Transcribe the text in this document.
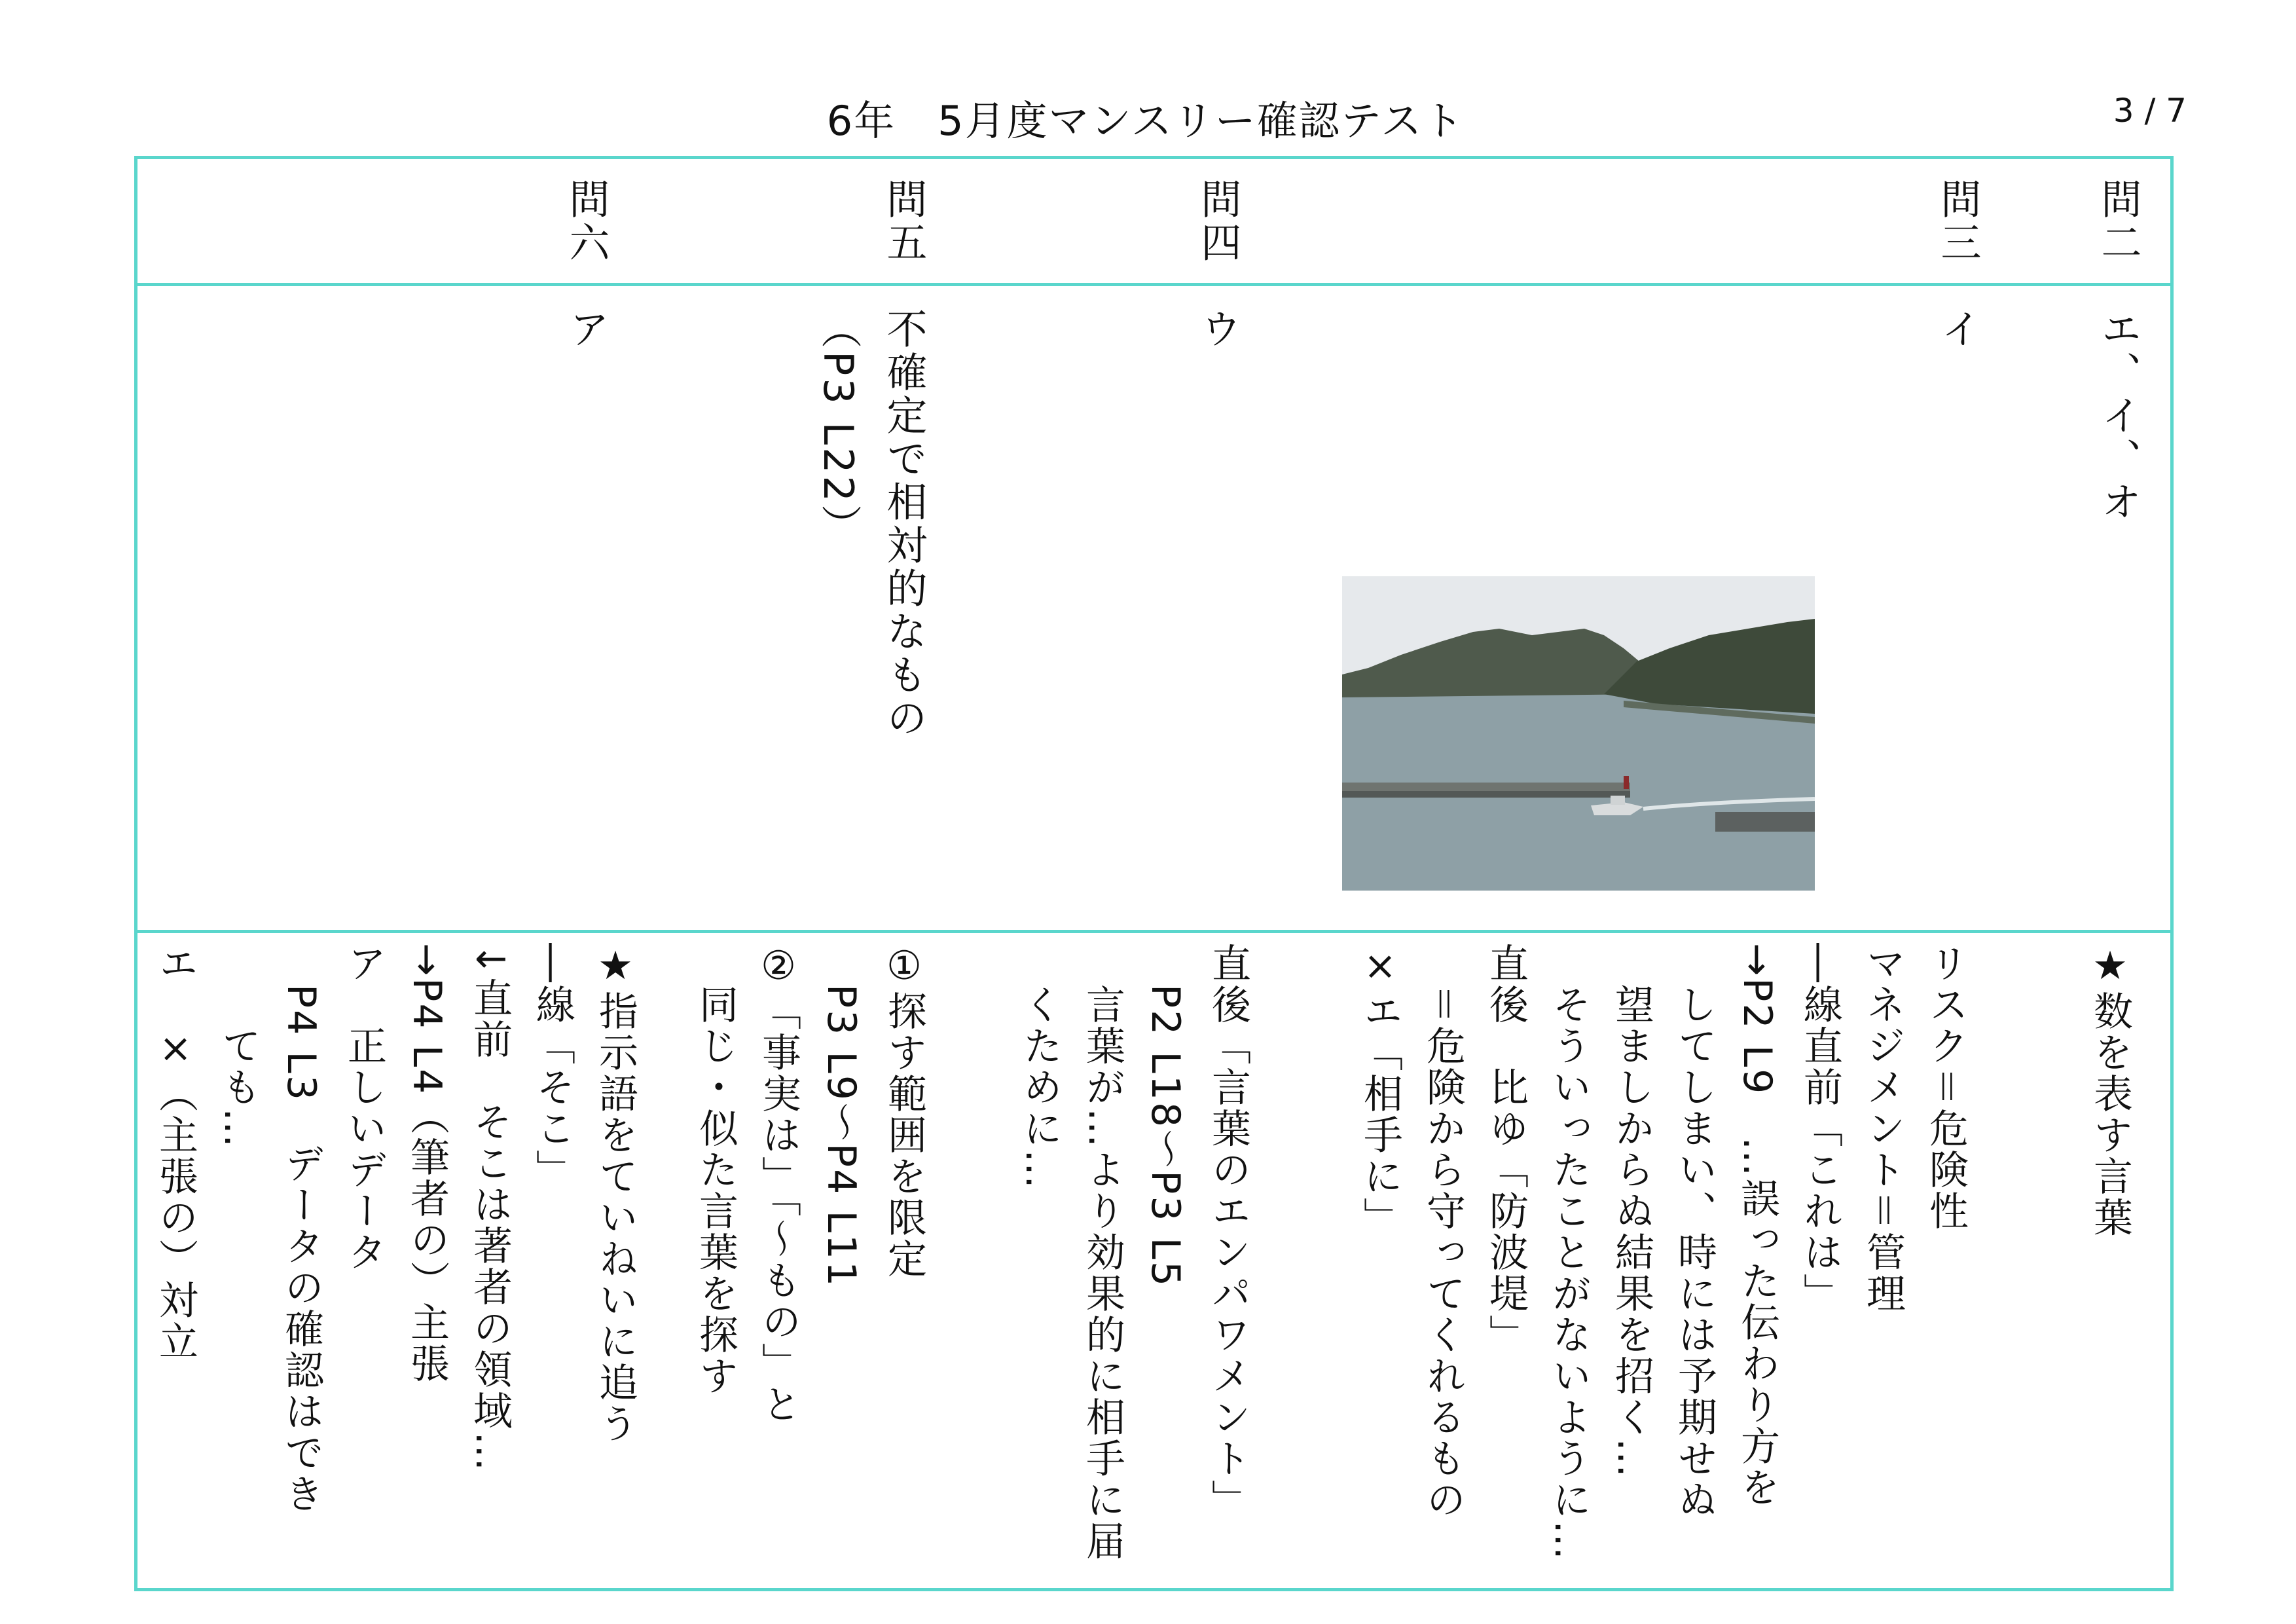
6年　5月度マンスリー確認テスト	3 / 7
問二
問三
問四
問五
問六
エ、イ、オ
イ
ウ
不確定で相対的なもの
（P3 L22）
ア
★数を表す言葉
リスク＝危険性
マネジメント＝管理
―線直前「これは」
→P2 L9　…誤った伝わり方を
　してしまい、時には予期せぬ
　望ましからぬ結果を招く…
　そういったことがないように…
直後　比ゆ「防波堤」
　＝危険から守ってくれるもの
×エ「相手に」
直後「言葉のエンパワメント」
　P2 L18～P3 L5
　言葉が…より効果的に相手に届
　くために…
①探す範囲を限定
　P3 L9～P4 L11
②「事実は」「～もの」と
　同じ・似た言葉を探す
★指示語をていねいに追う
―線「そこ」
↓直前　そこは著者の領域…
→P4 L4（筆者の）主張
ア　正しいデータ
　P4 L3　データの確認はでき
　　ても…
エ　×（主張の）対立
